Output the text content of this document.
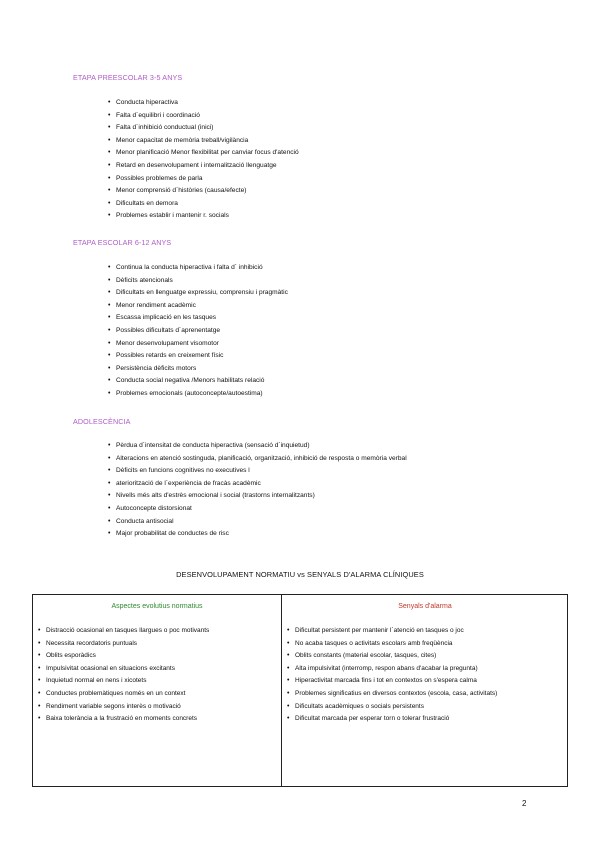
ETAPA PREESCOLAR 3-5 ANYS
• Conducta hiperactiva
• Falta d´equilibri i coordinació
• Falta d´inhibició conductual (inici)
• Menor capacitat de memòria treball/vigilància
• Menor planificació Menor flexibilitat per canviar focus d'atenció
• Retard en desenvolupament i internalització llenguatge
• Possibles problemes de parla
• Menor comprensió d´històries (causa/efecte)
• Dificultats en demora
• Problemes establir i mantenir r. socials
ETAPA ESCOLAR 6-12 ANYS
• Continua la conducta hiperactiva i falta d´ inhibició
• Dèficits atencionals
• Dificultats en llenguatge expressiu, comprensiu i pragmàtic
• Menor rendiment acadèmic
• Escassa implicació en les tasques
• Possibles dificultats d´aprenentatge
• Menor desenvolupament visomotor
• Possibles retards en creixement físic
• Persistència dèficits motors
• Conducta social negativa /Menors habilitats relació
• Problemes emocionals (autoconcepte/autoestima)
ADOLESCÈNCIA
• Pèrdua d´intensitat de conducta hiperactiva (sensació d´inquietud)
• Alteracions en atenció sostinguda, planificació, organització, inhibició de resposta o memòria verbal
• Dèficits en funcions cognitives no executives l
• ateriorització de l´experiència de fracàs acadèmic
• Nivells més alts d'estrès emocional i social (trastorns internalitzants)
• Autoconcepte distorsionat
• Conducta antisocial
• Major probabilitat de conductes de risc
DESENVOLUPAMENT NORMATIU vs SENYALS D'ALARMA CLÍNIQUES
Aspectes evolutius normatius	Senyals d'alarma
• Distracció ocasional en tasques llargues o poc motivants
• Necessita recordatoris puntuals
• Oblits esporàdics
• Impulsivitat ocasional en situacions excitants
• Inquietud normal en nens i xicotets
• Conductes problemàtiques només en un context
• Rendiment variable segons interès o motivació
• Baixa tolerància a la frustració en moments concrets
• Dificultat persistent per mantenir l´atenció en tasques o joc
• No acaba tasques o activitats escolars amb freqüència
• Oblits constants (material escolar, tasques, cites)
• Alta impulsivitat (interromp, respon abans d'acabar la pregunta)
• Hiperactivitat marcada fins i tot en contextos on s'espera calma
• Problemes significatius en diversos contextos (escola, casa, activitats)
• Dificultats acadèmiques o socials persistents
• Dificultat marcada per esperar torn o tolerar frustració
2
